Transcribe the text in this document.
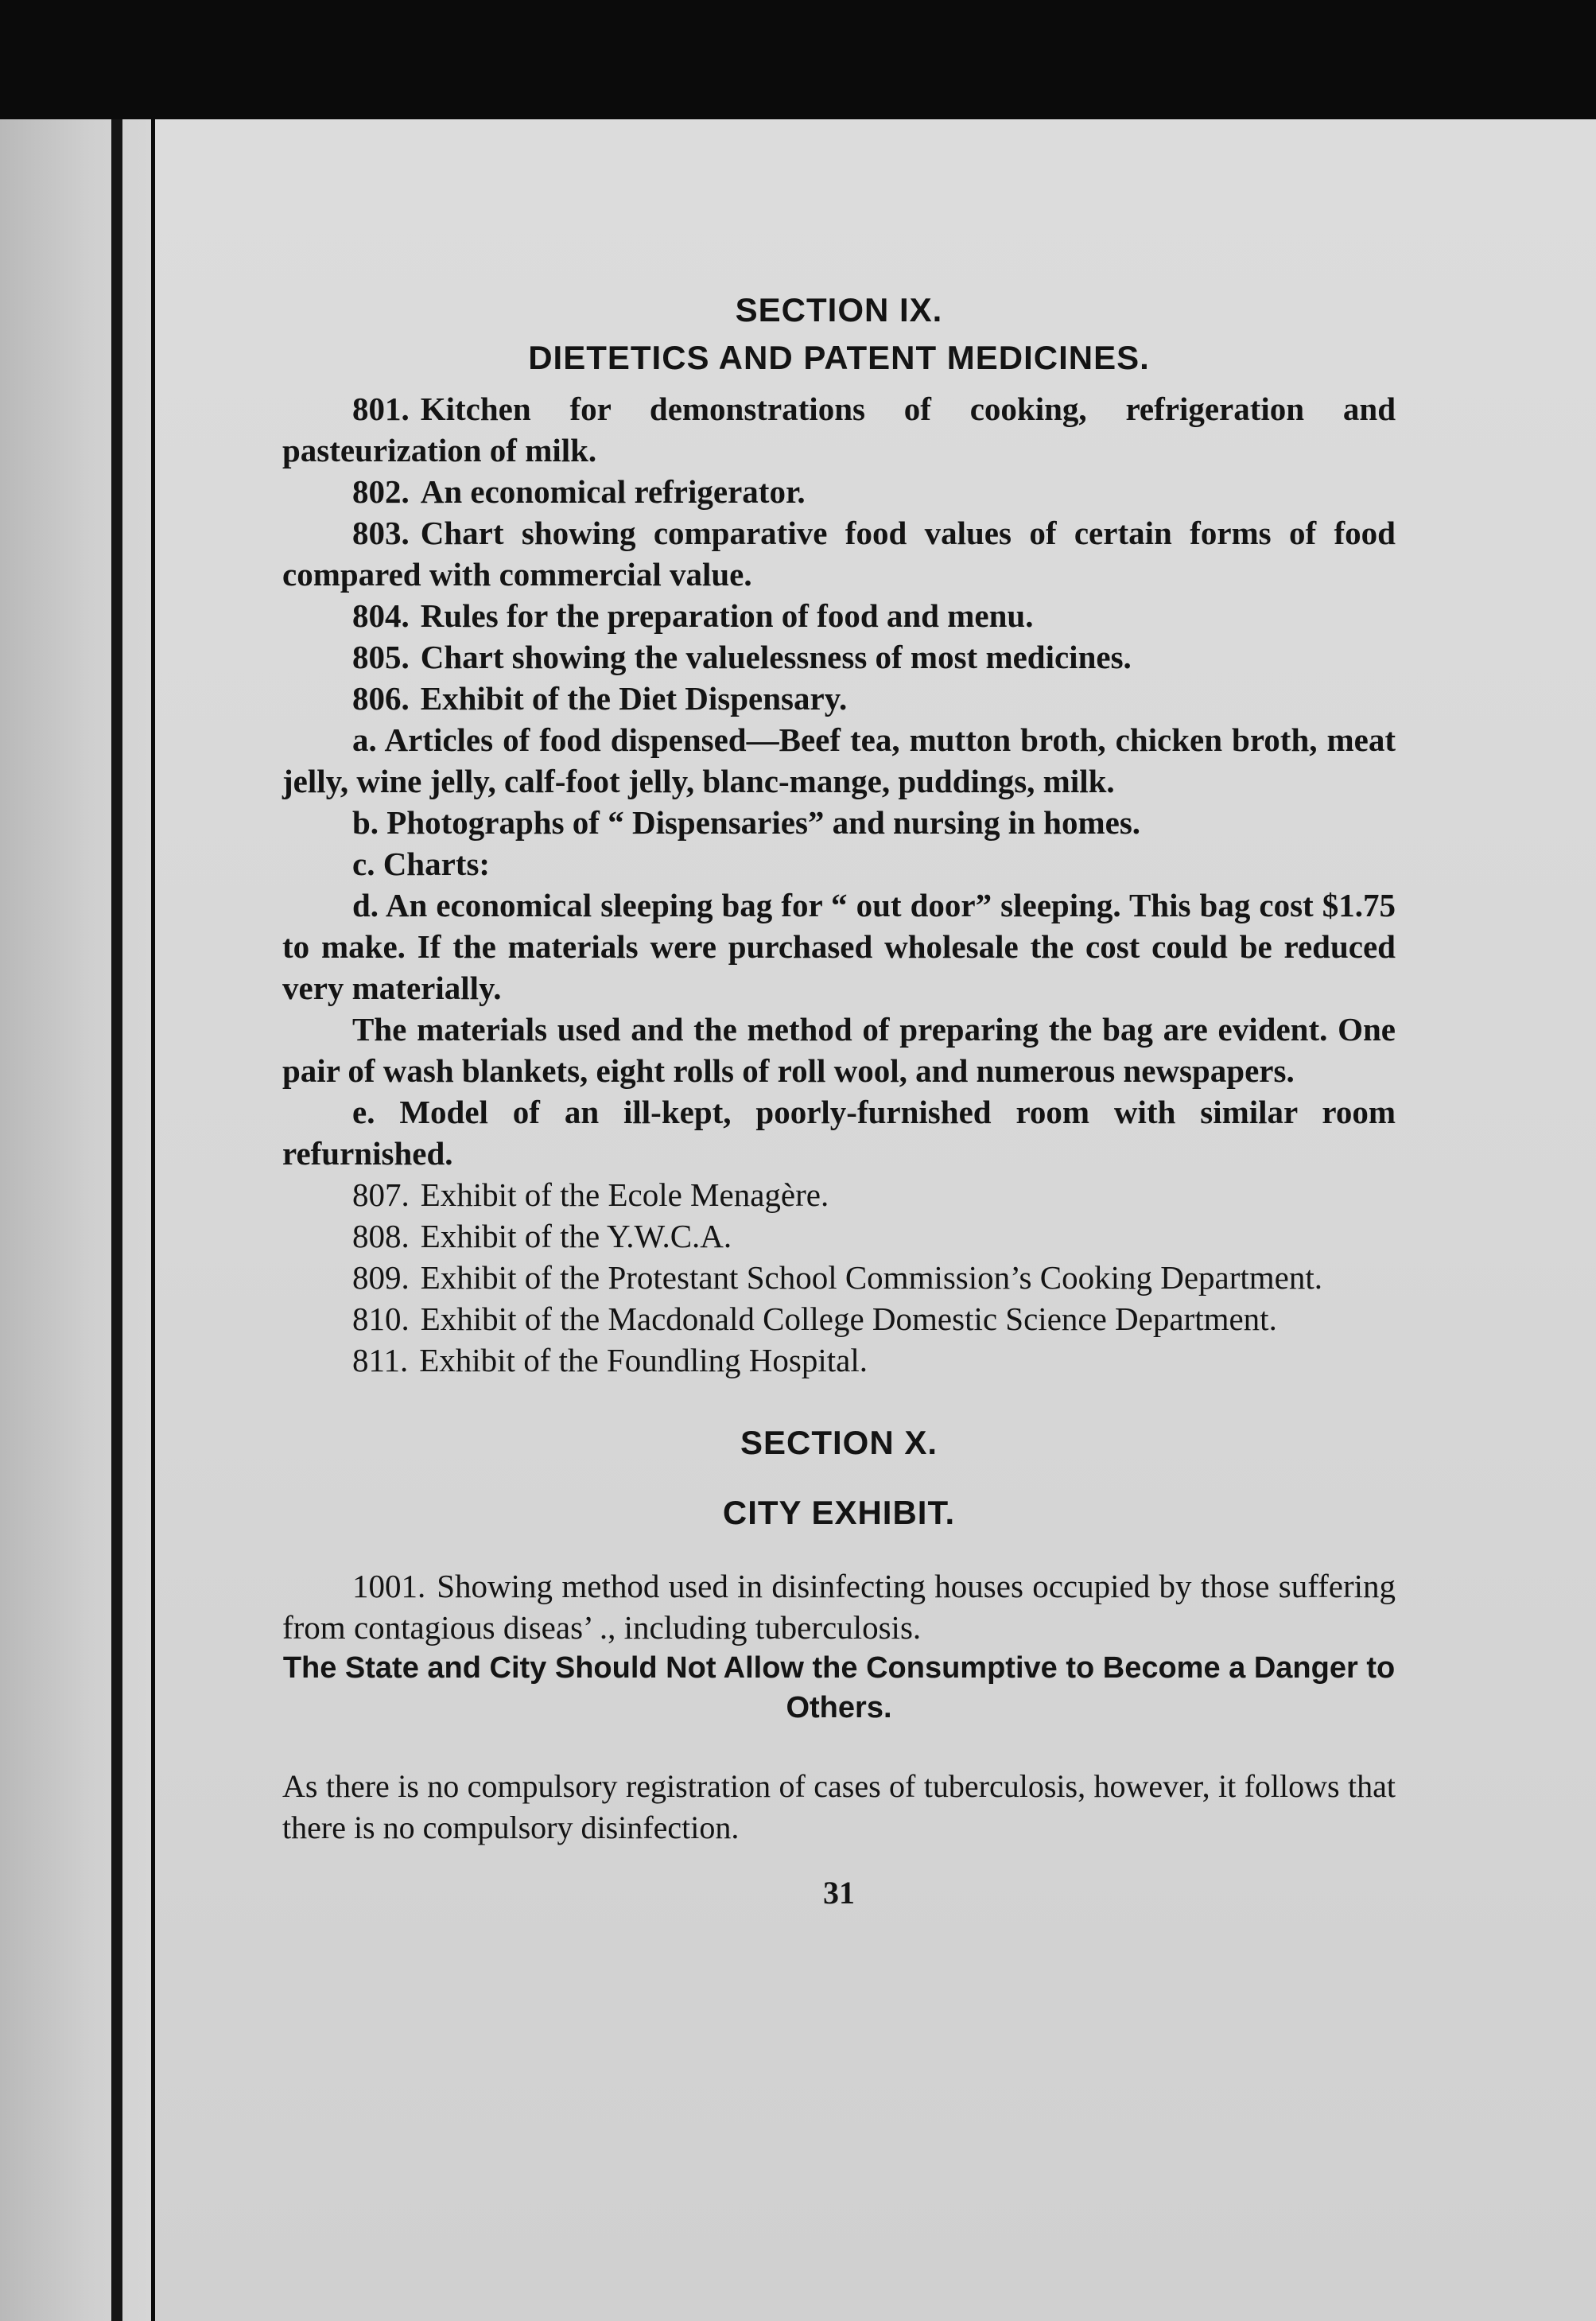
SECTION IX.
DIETETICS AND PATENT MEDICINES.

801. Kitchen for demonstrations of cooking, refrigeration and pasteurization of milk.

802. An economical refrigerator.

803. Chart showing comparative food values of certain forms of food compared with commercial value.

804. Rules for the preparation of food and menu.

805. Chart showing the valuelessness of most medicines.

806. Exhibit of the Diet Dispensary.

a. Articles of food dispensed—Beef tea, mutton broth, chicken broth, meat jelly, wine jelly, calf-foot jelly, blanc-mange, puddings, milk.

b. Photographs of “ Dispensaries” and nursing in homes.

c. Charts:

d. An economical sleeping bag for “ out door” sleeping. This bag cost $1.75 to make. If the materials were purchased wholesale the cost could be reduced very materially.

The materials used and the method of preparing the bag are evident. One pair of wash blankets, eight rolls of roll wool, and numerous newspapers.

e. Model of an ill-kept, poorly-furnished room with similar room refurnished.

807. Exhibit of the Ecole Menagère.

808. Exhibit of the Y.W.C.A.

809. Exhibit of the Protestant School Commission’s Cooking Department.

810. Exhibit of the Macdonald College Domestic Science Department.

811. Exhibit of the Foundling Hospital.

SECTION X.
CITY EXHIBIT.

1001. Showing method used in disinfecting houses occupied by those suffering from contagious diseas’ ., including tuberculosis.

The State and City Should Not Allow the Consumptive to Become a Danger to Others.

As there is no compulsory registration of cases of tuberculosis, however, it follows that there is no compulsory disinfection.

31
